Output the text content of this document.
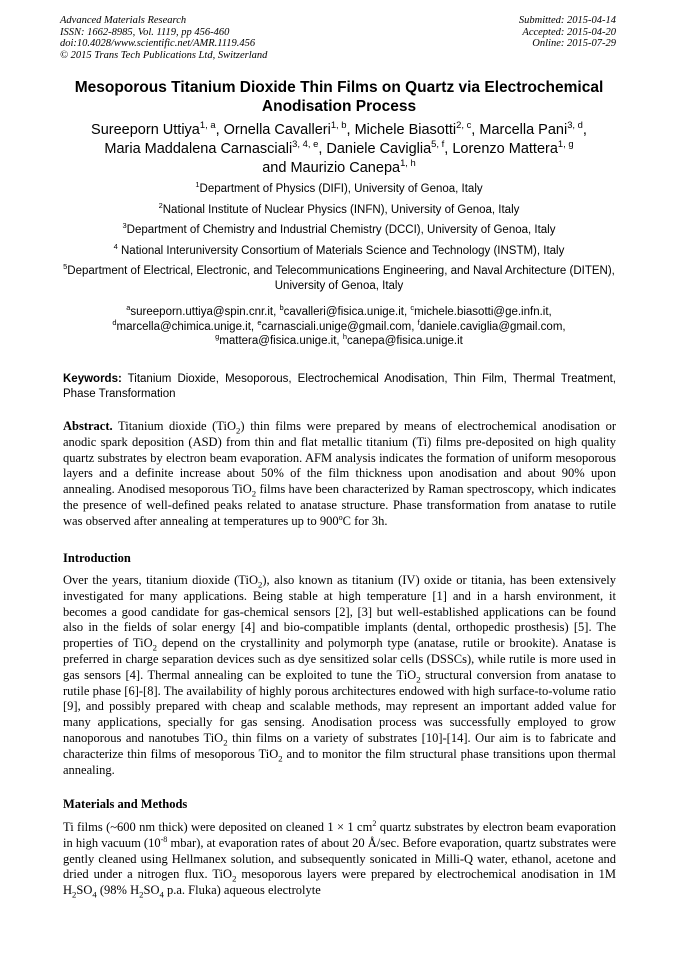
Advanced Materials Research
ISSN: 1662-8985, Vol. 1119, pp 456-460
doi:10.4028/www.scientific.net/AMR.1119.456
© 2015 Trans Tech Publications Ltd, Switzerland
Submitted: 2015-04-14
Accepted: 2015-04-20
Online: 2015-07-29
Mesoporous Titanium Dioxide Thin Films on Quartz via Electrochemical
Anodisation Process
Sureeporn Uttiya$^{1, a}$, Ornella Cavalleri$^{1, b}$, Michele Biasotti$^{2, c}$, Marcella Pani$^{3, d}$,
Maria Maddalena Carnasciali$^{3, 4, e}$, Daniele Caviglia$^{5, f}$, Lorenzo Mattera$^{1, g}$
and Maurizio Canepa$^{1, h}$

$^1$Department of Physics (DIFI), University of Genoa, Italy

$^2$National Institute of Nuclear Physics (INFN), University of Genoa, Italy

$^3$Department of Chemistry and Industrial Chemistry (DCCI), University of Genoa, Italy

$^4$ National Interuniversity Consortium of Materials Science and Technology (INSTM), Italy

$^5$Department of Electrical, Electronic, and Telecommunications Engineering, and Naval Architecture (DITEN), University of Genoa, Italy

$^a$sureeporn.uttiya@spin.cnr.it, $^b$cavalleri@fisica.unige.it, $^c$michele.biasotti@ge.infn.it,
$^d$marcella@chimica.unige.it, $^e$carnasciali.unige@gmail.com, $^f$daniele.caviglia@gmail.com,
$^g$mattera@fisica.unige.it, $^h$canepa@fisica.unige.it
Keywords: Titanium Dioxide, Mesoporous, Electrochemical Anodisation, Thin Film, Thermal Treatment, Phase Transformation

Abstract. Titanium dioxide (TiO$_2$) thin films were prepared by means of electrochemical anodisation or anodic spark deposition (ASD) from thin and flat metallic titanium (Ti) films pre-deposited on high quality quartz substrates by electron beam evaporation. AFM analysis indicates the formation of uniform mesoporous layers and a definite increase about 50% of the film thickness upon anodisation and about 90% upon annealing. Anodised mesoporous TiO$_2$ films have been characterized by Raman spectroscopy, which indicates the presence of well-defined peaks related to anatase structure. Phase transformation from anatase to rutile was observed after annealing at temperatures up to 900$^o$C for 3h.

Introduction

Over the years, titanium dioxide (TiO$_2$), also known as titanium (IV) oxide or titania, has been extensively investigated for many applications. Being stable at high temperature [1] and in a harsh environment, it becomes a good candidate for gas-chemical sensors [2], [3] but well-established applications can be found also in the fields of solar energy [4] and bio-compatible implants (dental, orthopedic prosthesis) [5]. The properties of TiO$_2$ depend on the crystallinity and polymorph type (anatase, rutile or brookite). Anatase is preferred in charge separation devices such as dye sensitized solar cells (DSSCs), while rutile is more used in gas sensors [4]. Thermal annealing can be exploited to tune the TiO$_2$ structural conversion from anatase to rutile phase [6]-[8]. The availability of highly porous architectures endowed with high surface-to-volume ratio [9], and possibly prepared with cheap and scalable methods, may represent an important added value for many applications, specially for gas sensing. Anodisation process was successfully employed to grow nanoporous and nanotubes TiO$_2$ thin films on a variety of substrates [10]-[14]. Our aim is to fabricate and characterize thin films of mesoporous TiO$_2$ and to monitor the film structural phase transitions upon thermal annealing.

Materials and Methods

Ti films (~600 nm thick) were deposited on cleaned 1 × 1 $cm^2$ quartz substrates by electron beam evaporation in high vacuum ($10^{-8}$ mbar), at evaporation rates of about 20 Å/sec. Before evaporation, quartz substrates were gently cleaned using Hellmanex solution, and subsequently sonicated in Milli-Q water, ethanol, acetone and dried under a nitrogen flux. TiO$_2$ mesoporous layers were prepared by electrochemical anodisation in 1M $H_2SO_4$ (98% $H_2SO_4$ p.a. Fluka) aqueous electrolyte
